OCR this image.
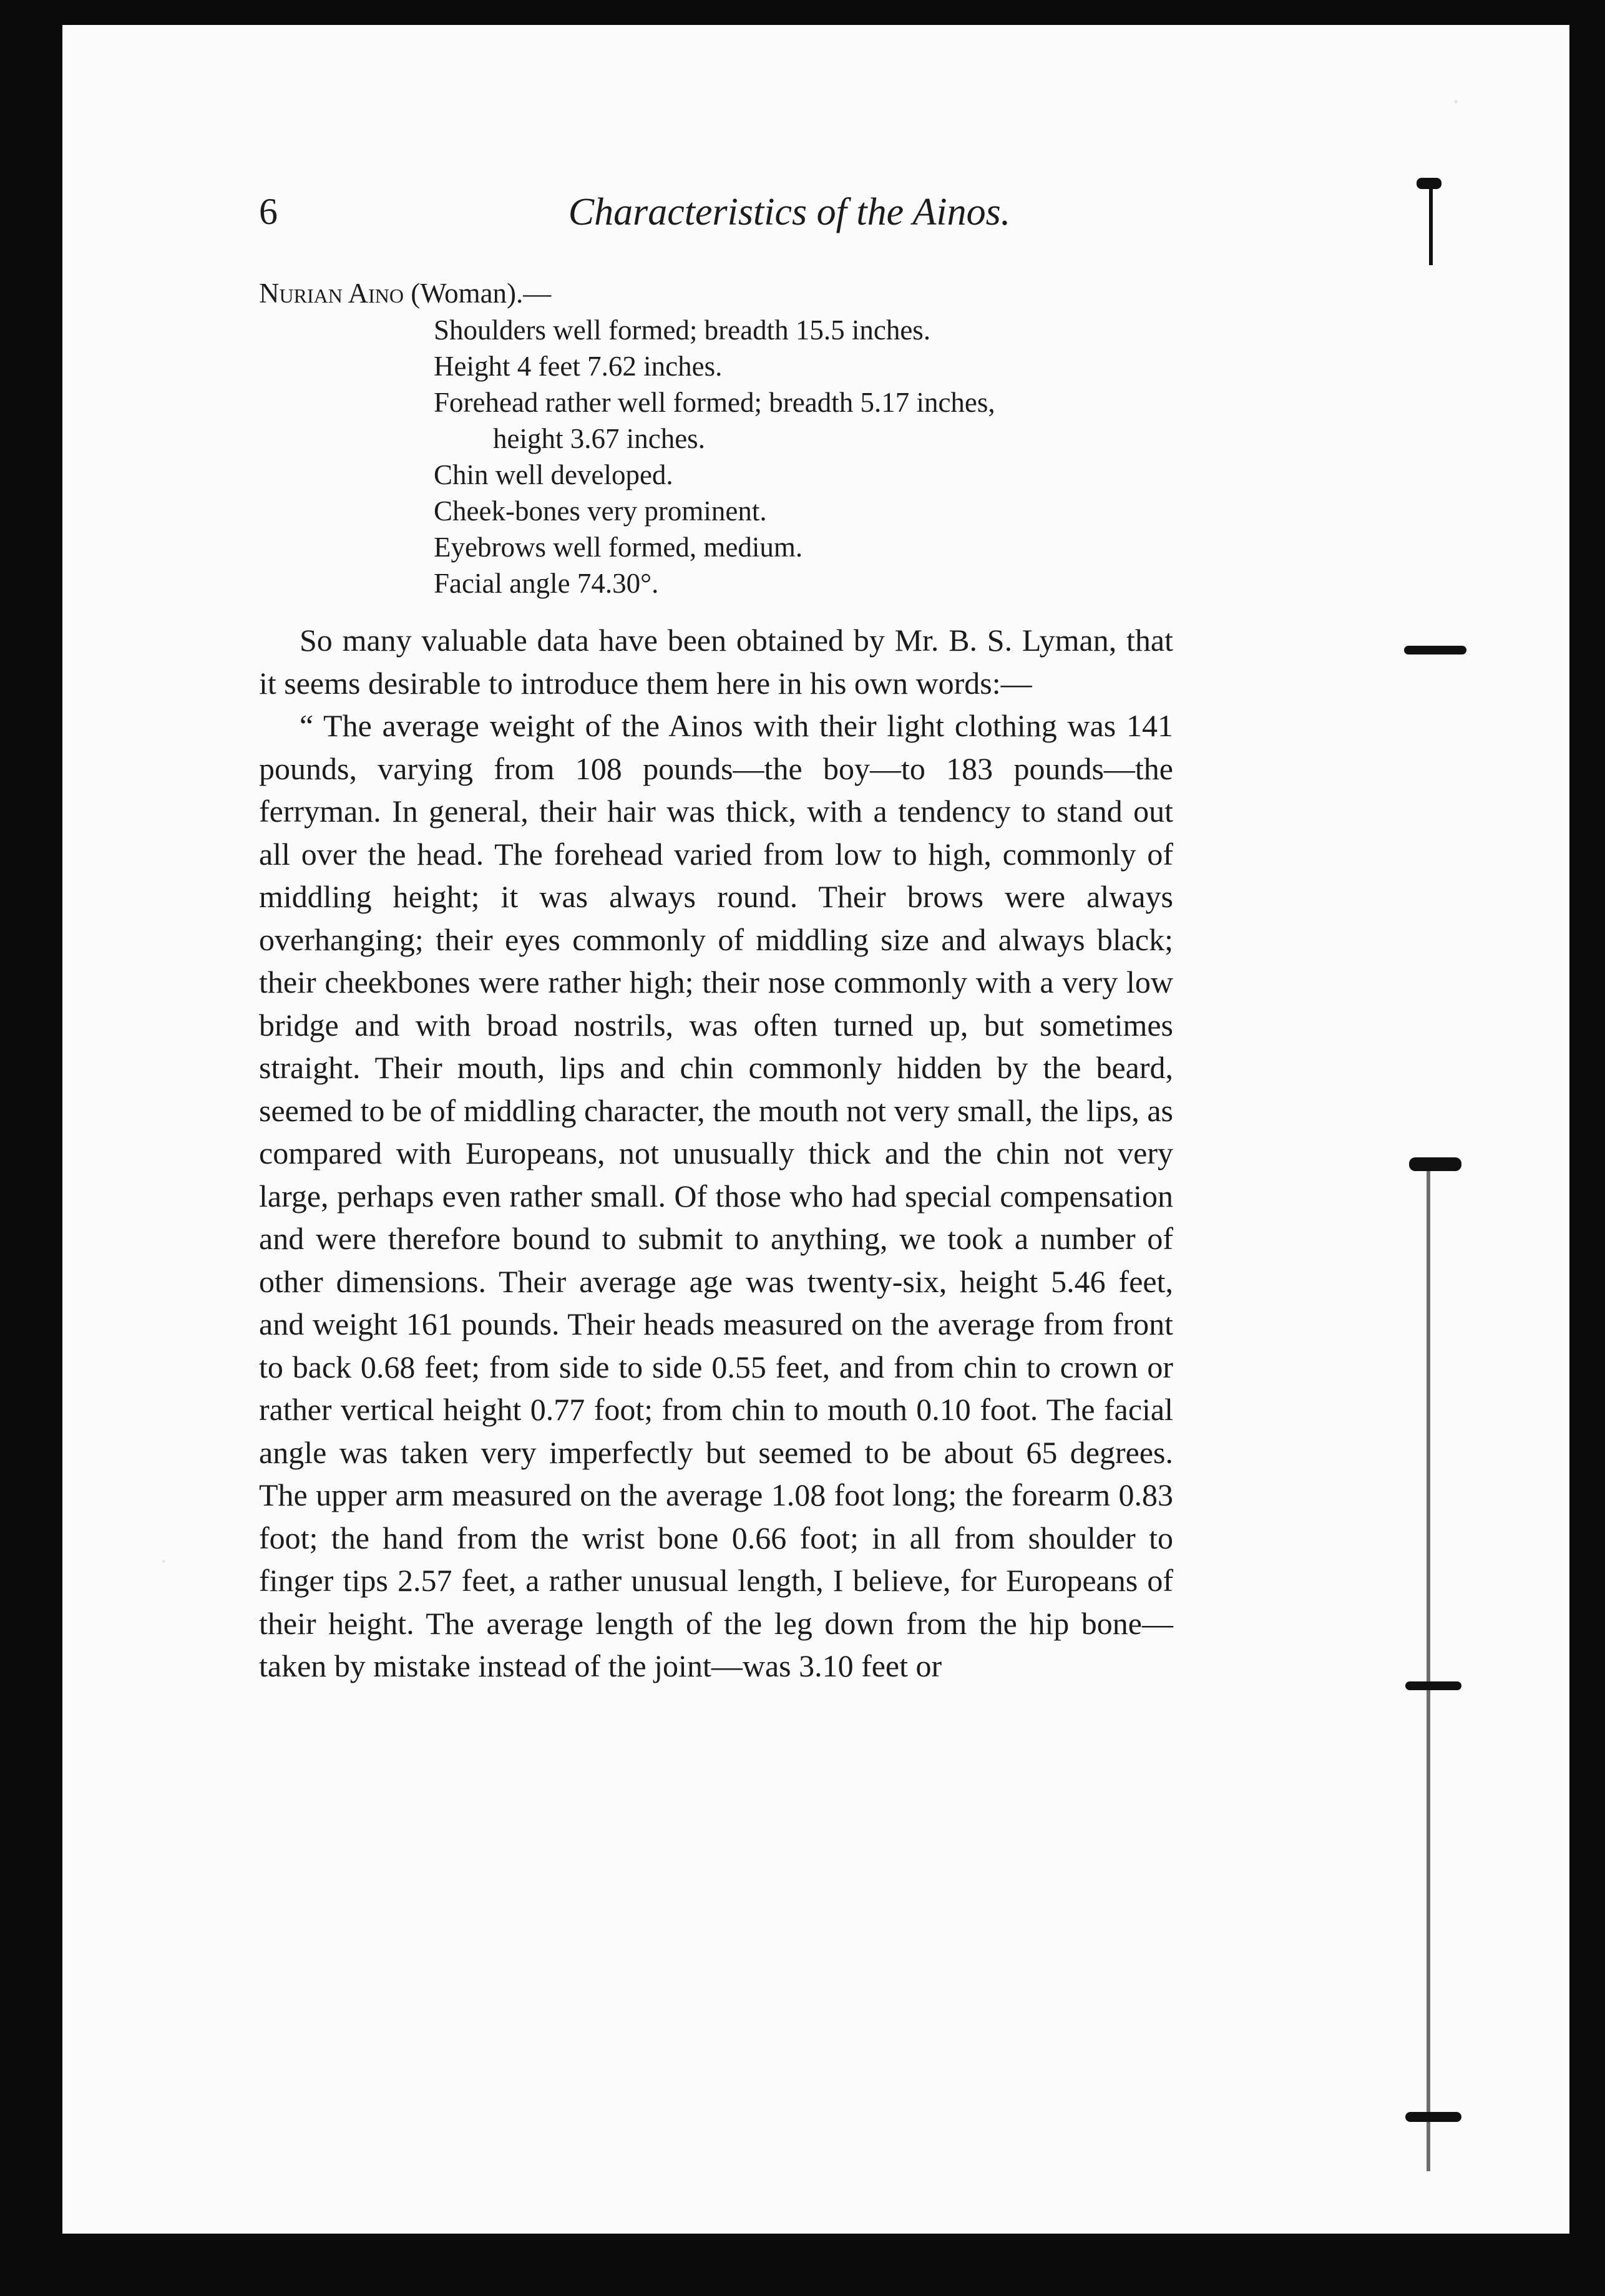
6	Characteristics of the Ainos.

Nurian Aino (Woman).—

Shoulders well formed; breadth 15.5 inches.
Height 4 feet 7.62 inches.
Forehead rather well formed; breadth 5.17 inches,
height 3.67 inches.
Chin well developed.
Cheek-bones very prominent.
Eyebrows well formed, medium.
Facial angle 74.30°.

So many valuable data have been obtained by Mr. B. S. Lyman, that it seems desirable to introduce them here in his own words:—

“ The average weight of the Ainos with their light clothing was 141 pounds, varying from 108 pounds—the boy—to 183 pounds—the ferryman. In general, their hair was thick, with a tendency to stand out all over the head. The forehead varied from low to high, commonly of middling height; it was always round. Their brows were always overhanging; their eyes commonly of middling size and always black; their cheekbones were rather high; their nose commonly with a very low bridge and with broad nostrils, was often turned up, but sometimes straight. Their mouth, lips and chin commonly hidden by the beard, seemed to be of middling character, the mouth not very small, the lips, as compared with Europeans, not unusually thick and the chin not very large, perhaps even rather small. Of those who had special compensation and were therefore bound to submit to anything, we took a number of other dimensions. Their average age was twenty-six, height 5.46 feet, and weight 161 pounds. Their heads measured on the average from front to back 0.68 feet; from side to side 0.55 feet, and from chin to crown or rather vertical height 0.77 foot; from chin to mouth 0.10 foot. The facial angle was taken very imperfectly but seemed to be about 65 degrees. The upper arm measured on the average 1.08 foot long; the forearm 0.83 foot; the hand from the wrist bone 0.66 foot; in all from shoulder to finger tips 2.57 feet, a rather unusual length, I believe, for Europeans of their height. The average length of the leg down from the hip bone—taken by mistake instead of the joint—was 3.10 feet or
